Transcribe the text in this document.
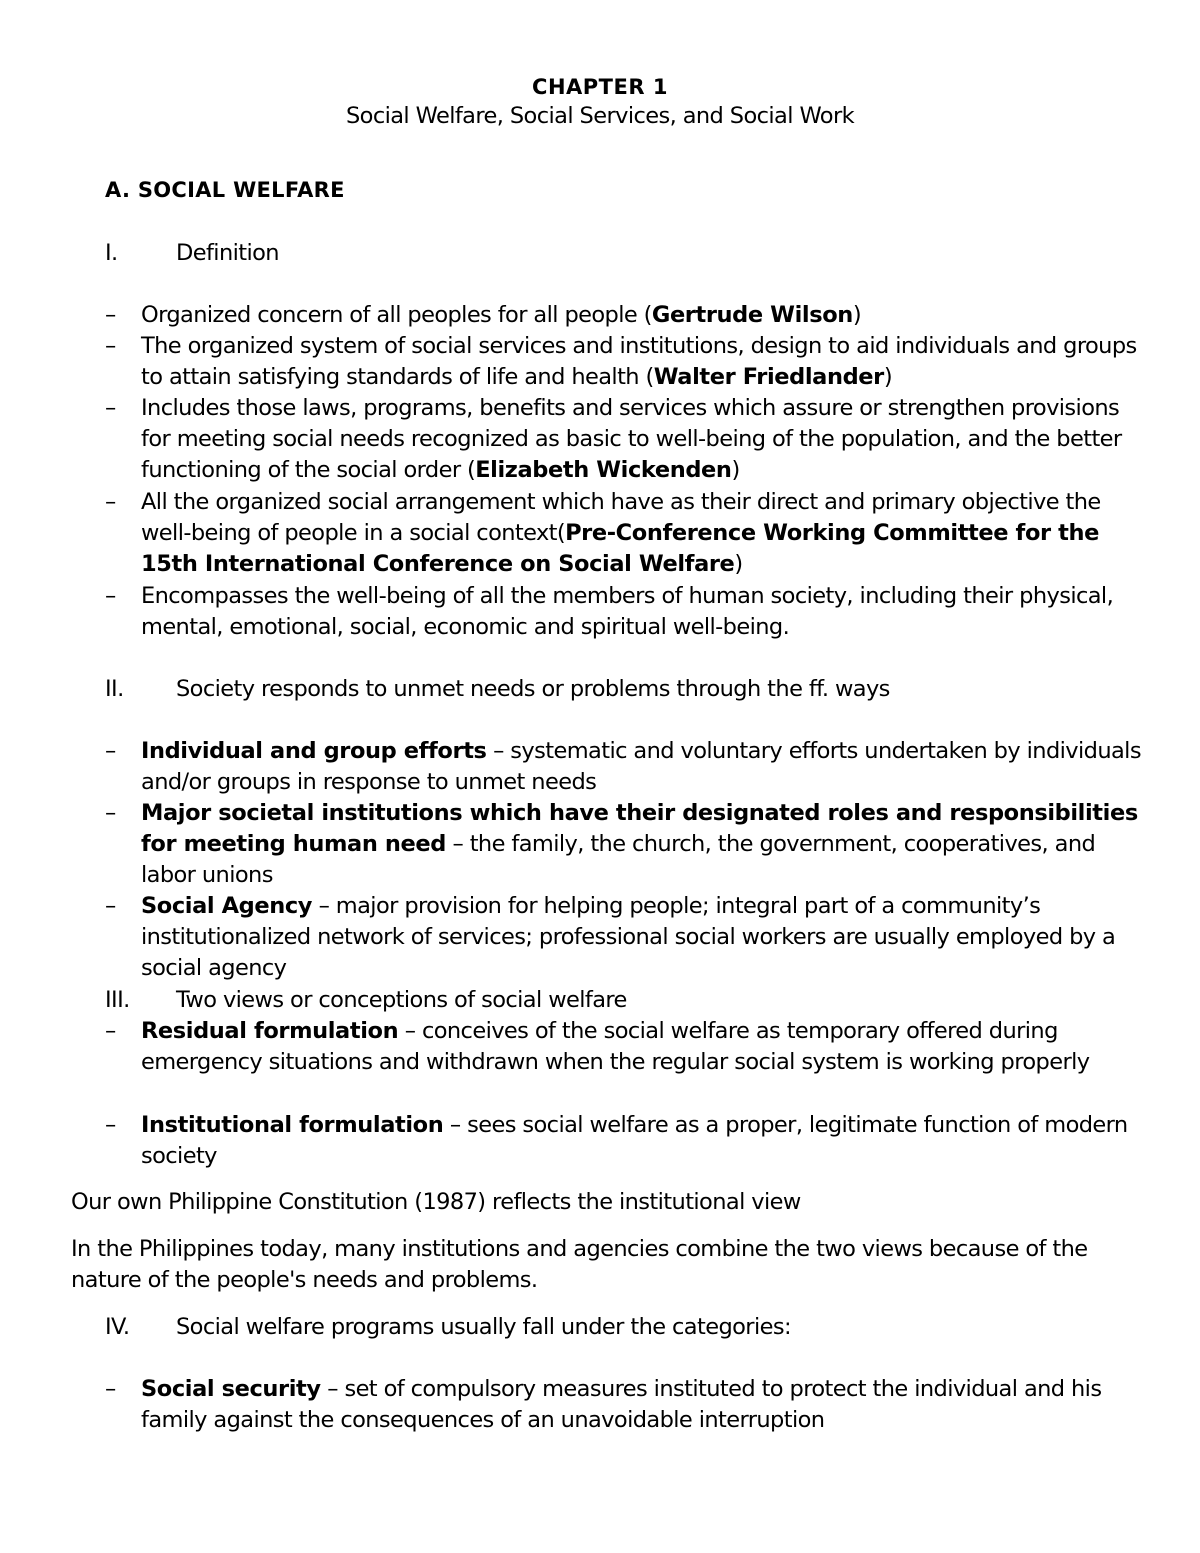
CHAPTER 1
Social Welfare, Social Services, and Social Work
A. SOCIAL WELFARE
I.	Definition
– Organized concern of all peoples for all people (Gertrude Wilson)
– The organized system of social services and institutions, design to aid individuals and groups to attain satisfying standards of life and health (Walter Friedlander)
– Includes those laws, programs, benefits and services which assure or strengthen provisions for meeting social needs recognized as basic to well-being of the population, and the better functioning of the social order (Elizabeth Wickenden)
– All the organized social arrangement which have as their direct and primary objective the well-being of people in a social context(Pre-Conference Working Committee for the 15th International Conference on Social Welfare)
– Encompasses the well-being of all the members of human society, including their physical, mental, emotional, social, economic and spiritual well-being.
II. Society responds to unmet needs or problems through the ff. ways
– Individual and group efforts – systematic and voluntary efforts undertaken by individuals and/or groups in response to unmet needs
– Major societal institutions which have their designated roles and responsibilities for meeting human need – the family, the church, the government, cooperatives, and labor unions
– Social Agency – major provision for helping people; integral part of a community’s institutionalized network of services; professional social workers are usually employed by a social agency
III. Two views or conceptions of social welfare
– Residual formulation – conceives of the social welfare as temporary offered during emergency situations and withdrawn when the regular social system is working properly
– Institutional formulation – sees social welfare as a proper, legitimate function of modern society
Our own Philippine Constitution (1987) reflects the institutional view
In the Philippines today, many institutions and agencies combine the two views because of the nature of the people's needs and problems.
IV. Social welfare programs usually fall under the categories:
– Social security – set of compulsory measures instituted to protect the individual and his family against the consequences of an unavoidable interruption
